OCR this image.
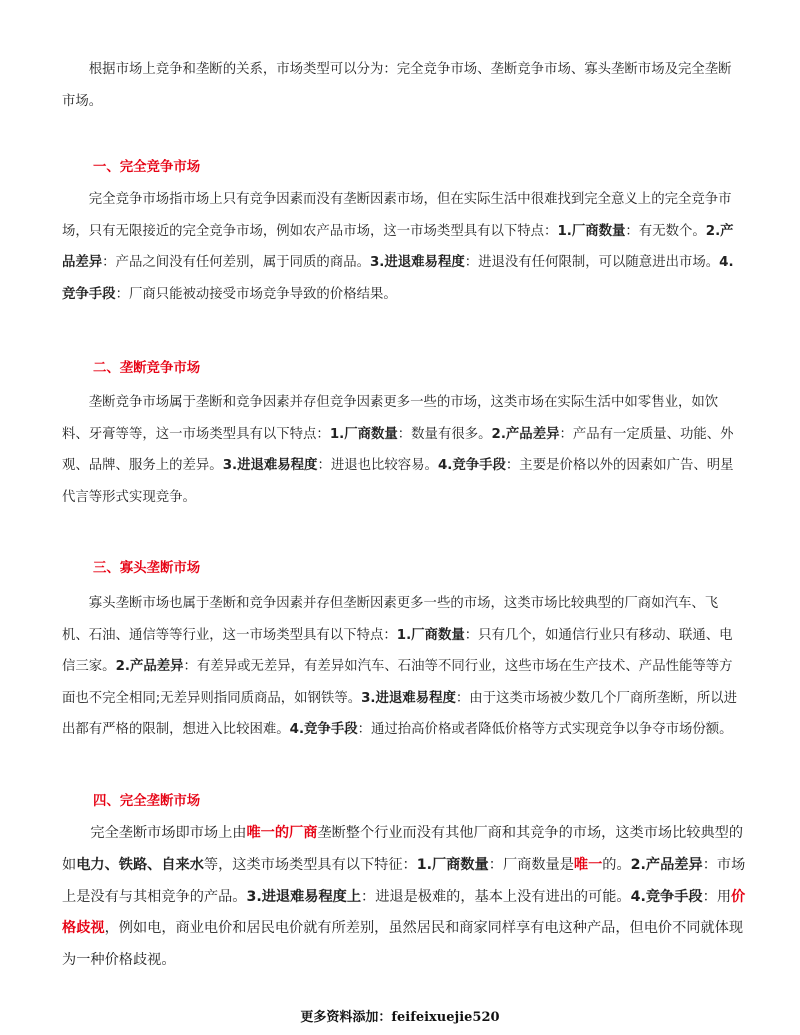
根据市场上竞争和垄断的关系，市场类型可以分为：完全竞争市场、垄断竞争市场、寡头垄断市场及完全垄断市场。

一、完全竞争市场

完全竞争市场指市场上只有竞争因素而没有垄断因素市场，但在实际生活中很难找到完全意义上的完全竞争市场，只有无限接近的完全竞争市场，例如农产品市场，这一市场类型具有以下特点：1.厂商数量：有无数个。2.产品差异：产品之间没有任何差别，属于同质的商品。3.进退难易程度：进退没有任何限制，可以随意进出市场。4.竞争手段：厂商只能被动接受市场竞争导致的价格结果。

二、垄断竞争市场

垄断竞争市场属于垄断和竞争因素并存但竞争因素更多一些的市场，这类市场在实际生活中如零售业，如饮料、牙膏等等，这一市场类型具有以下特点：1.厂商数量：数量有很多。2.产品差异：产品有一定质量、功能、外观、品牌、服务上的差异。3.进退难易程度：进退也比较容易。4.竞争手段：主要是价格以外的因素如广告、明星代言等形式实现竞争。

三、寡头垄断市场

寡头垄断市场也属于垄断和竞争因素并存但垄断因素更多一些的市场，这类市场比较典型的厂商如汽车、飞机、石油、通信等等行业，这一市场类型具有以下特点：1.厂商数量：只有几个，如通信行业只有移动、联通、电信三家。2.产品差异：有差异或无差异，有差异如汽车、石油等不同行业，这些市场在生产技术、产品性能等等方面也不完全相同;无差异则指同质商品，如钢铁等。3.进退难易程度：由于这类市场被少数几个厂商所垄断，所以进出都有严格的限制，想进入比较困难。4.竞争手段：通过抬高价格或者降低价格等方式实现竞争以争夺市场份额。

四、完全垄断市场

完全垄断市场即市场上由唯一的厂商垄断整个行业而没有其他厂商和其竞争的市场，这类市场比较典型的如电力、铁路、自来水等，这类市场类型具有以下特征：1.厂商数量：厂商数量是唯一的。2.产品差异：市场上是没有与其相竞争的产品。3.进退难易程度上：进退是极难的，基本上没有进出的可能。4.竞争手段：用价格歧视，例如电，商业电价和居民电价就有所差别，虽然居民和商家同样享有电这种产品，但电价不同就体现为一种价格歧视。

更多资料添加：feifeixuejie520
